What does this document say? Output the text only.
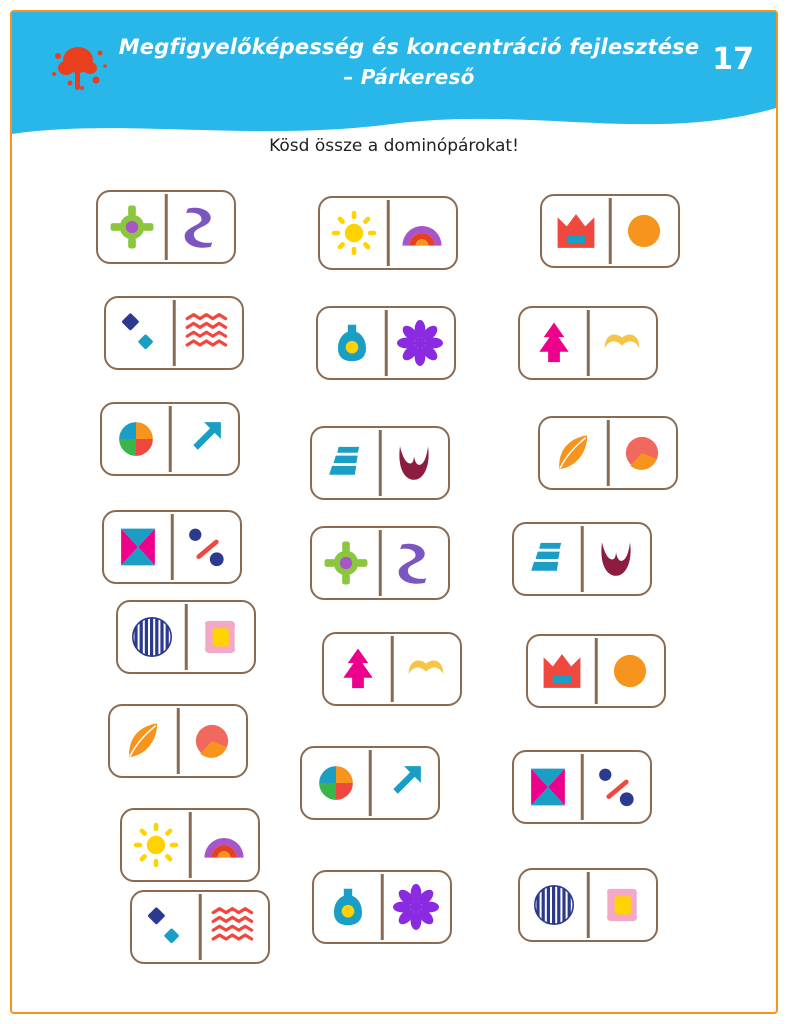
Megfigyelőképesség és koncentráció fejlesztése
– Párkereső	17
Kösd össze a dominópárokat!
